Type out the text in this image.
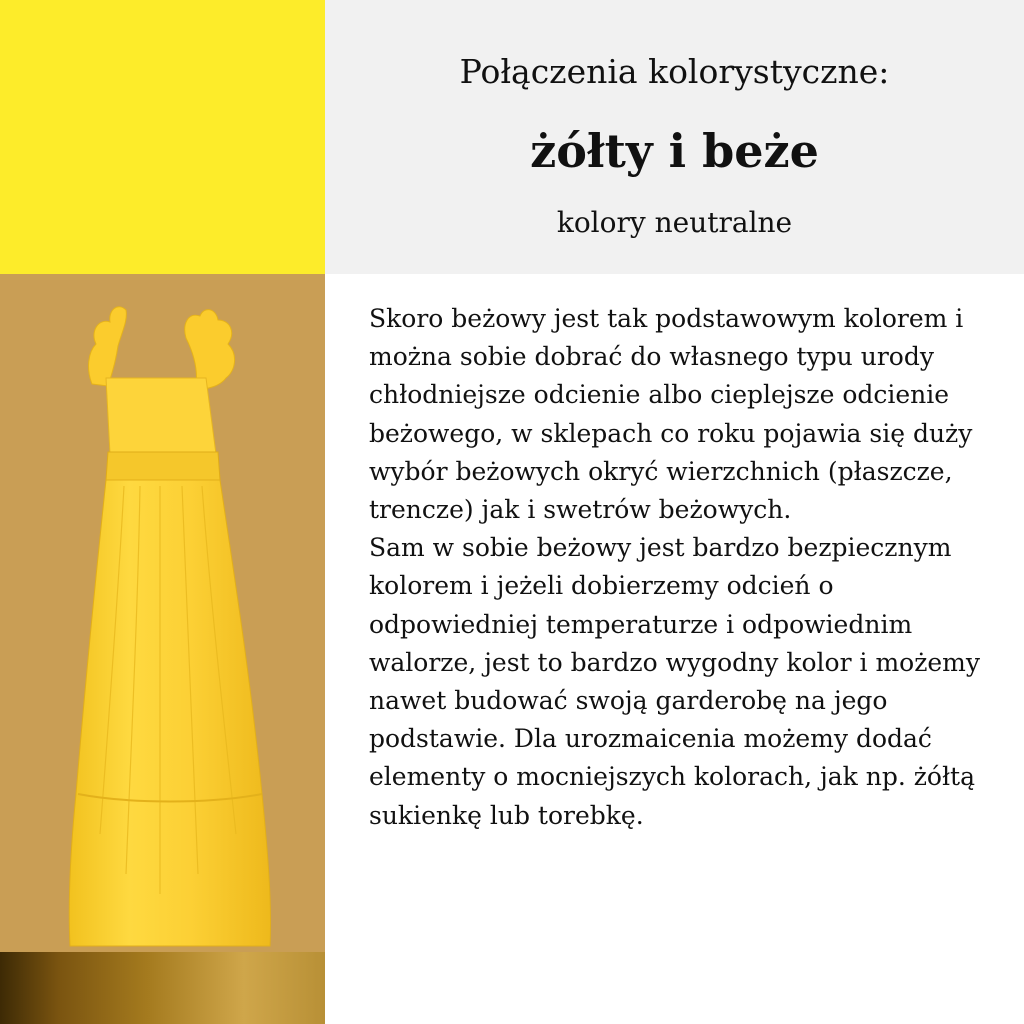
Połączenia kolorystyczne:
żółty i beże
kolory neutralne

Skoro beżowy jest tak podstawowym kolorem i można sobie dobrać do własnego typu urody chłodniejsze odcienie albo cieplejsze odcienie beżowego, w sklepach co roku pojawia się duży wybór beżowych okryć wierzchnich (płaszcze, trencze) jak i swetrów beżowych.

Sam w sobie beżowy jest bardzo bezpiecznym kolorem i jeżeli dobierzemy odcień o odpowiedniej temperaturze i odpowiednim walorze, jest to bardzo wygodny kolor i możemy nawet budować swoją garderobę na jego podstawie. Dla urozmaicenia możemy dodać elementy o mocniejszych kolorach, jak np. żółtą sukienkę lub torebkę.
